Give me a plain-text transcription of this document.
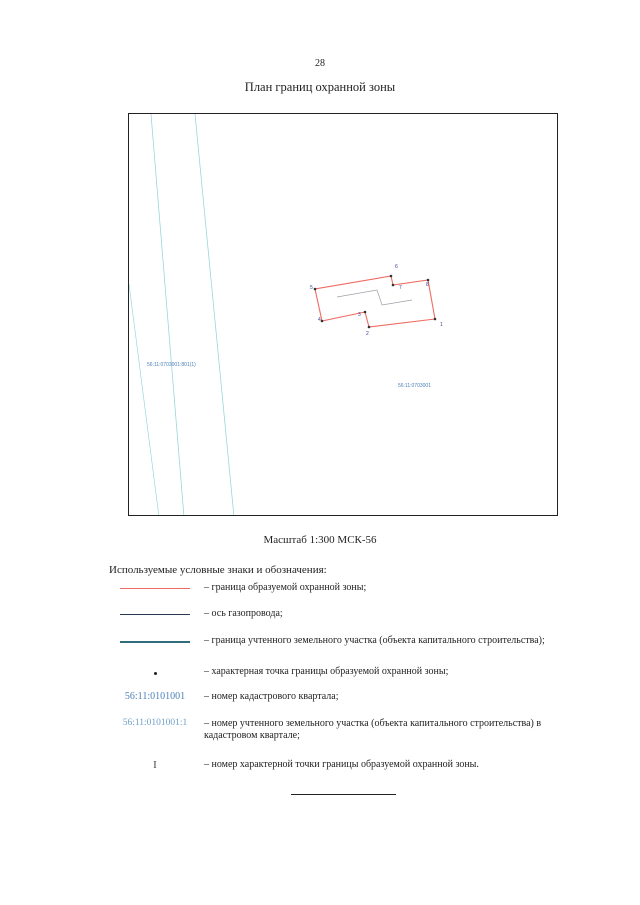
28
План границ охранной зоны
1
2
3
4
5
6
7	8
56:11:0703001:801(1)
56:11:0703001
Масштаб 1:300 МСК-56
Используемые условные знаки и обозначения:
– граница образуемой охранной зоны;
– ось газопровода;
– граница учтенного земельного участка (объекта капитального строительства);
– характерная точка границы образуемой охранной зоны;
56:11:0101001 – номер кадастрового квартала;
56:11:0101001:1 – номер учтенного земельного участка (объекта капитального строительства) в кадастровом квартале;
I	– номер характерной точки границы образуемой охранной зоны.
